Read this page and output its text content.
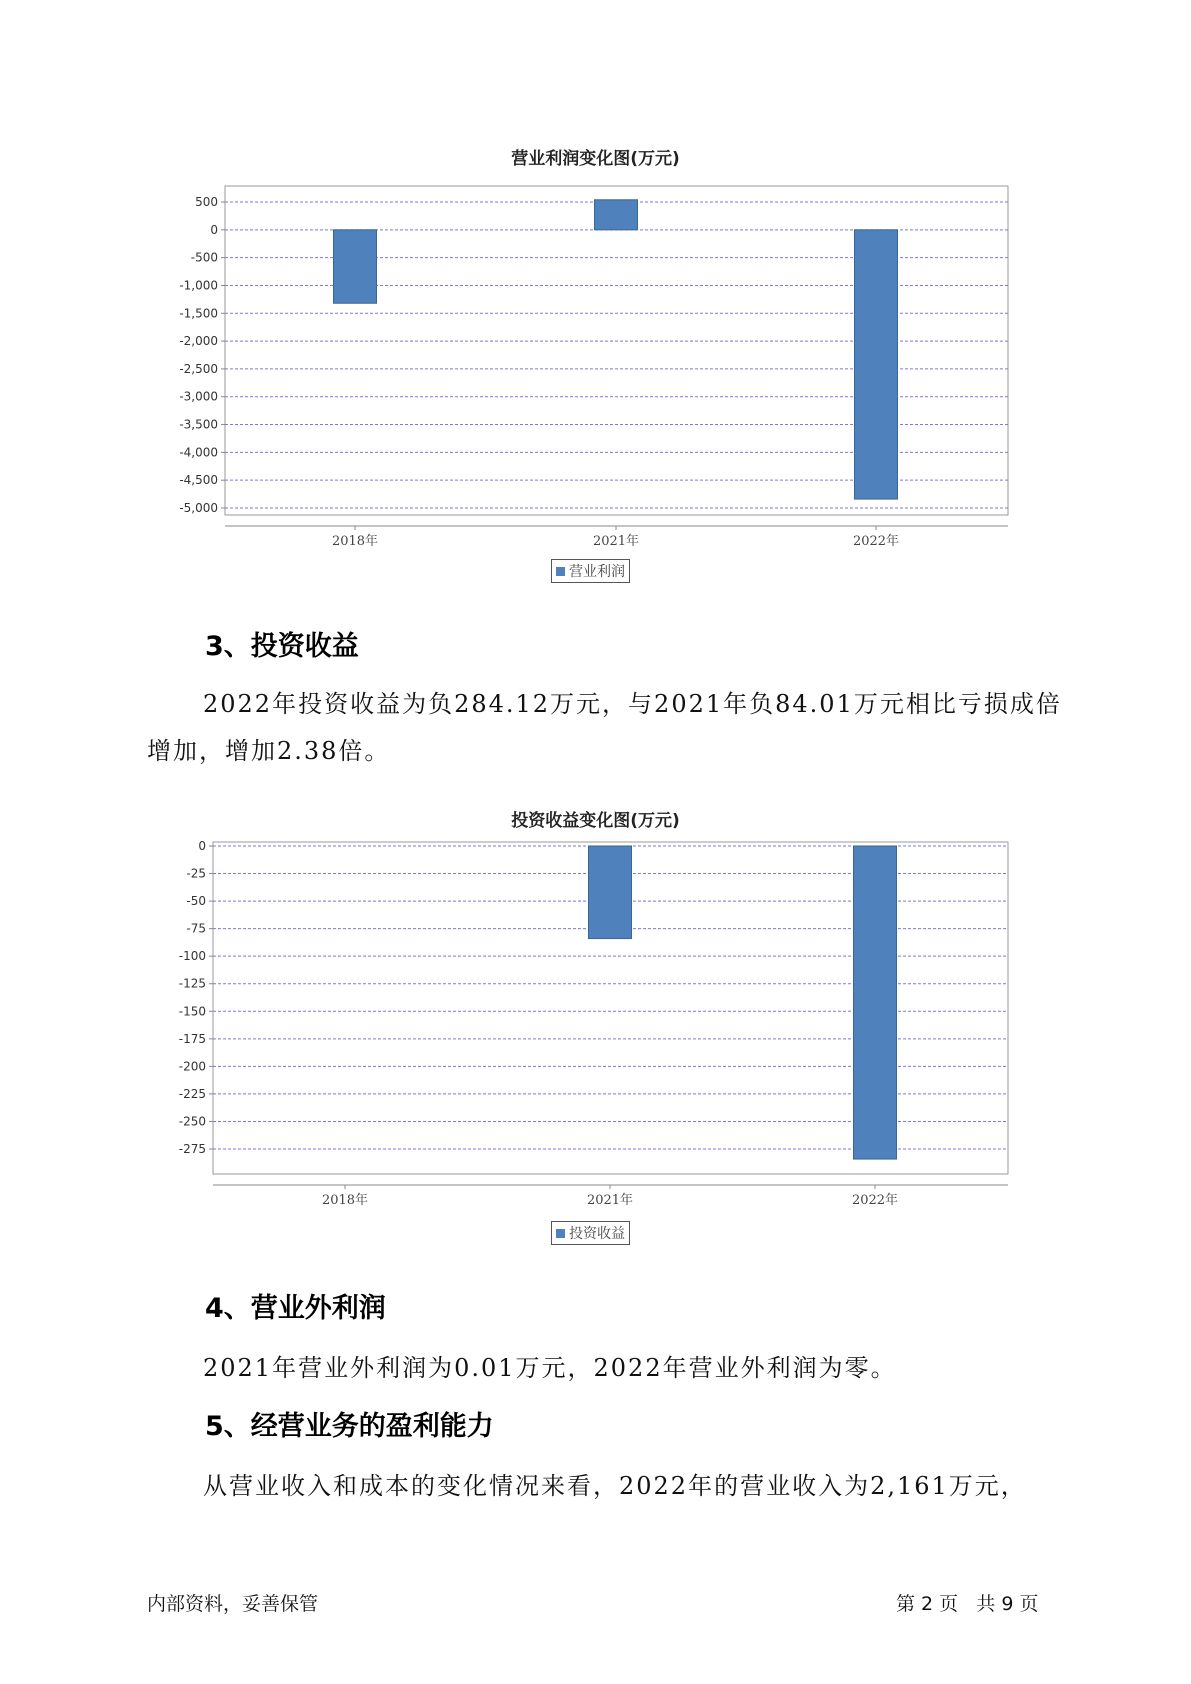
营业利润变化图(万元)
500
0
-500
-1,000
-1,500
-2,000
-2,500
-3,000
-3,500
-4,000
-4,500
-5,000
2018年	2021年	2022年
营业利润
3、投资收益
2022年投资收益为负284.12万元，与2021年负84.01万元相比亏损成倍
增加，增加2.38倍。
投资收益变化图(万元)
0
-25
-50
-75
-100
-125
-150
-175
-200
-225
-250
-275
2018年	2021年	2022年
投资收益
4、营业外利润
2021年营业外利润为0.01万元，2022年营业外利润为零。
5、经营业务的盈利能力
从营业收入和成本的变化情况来看，2022年的营业收入为2,161万元，
内部资料，妥善保管	第 2 页   共 9 页
